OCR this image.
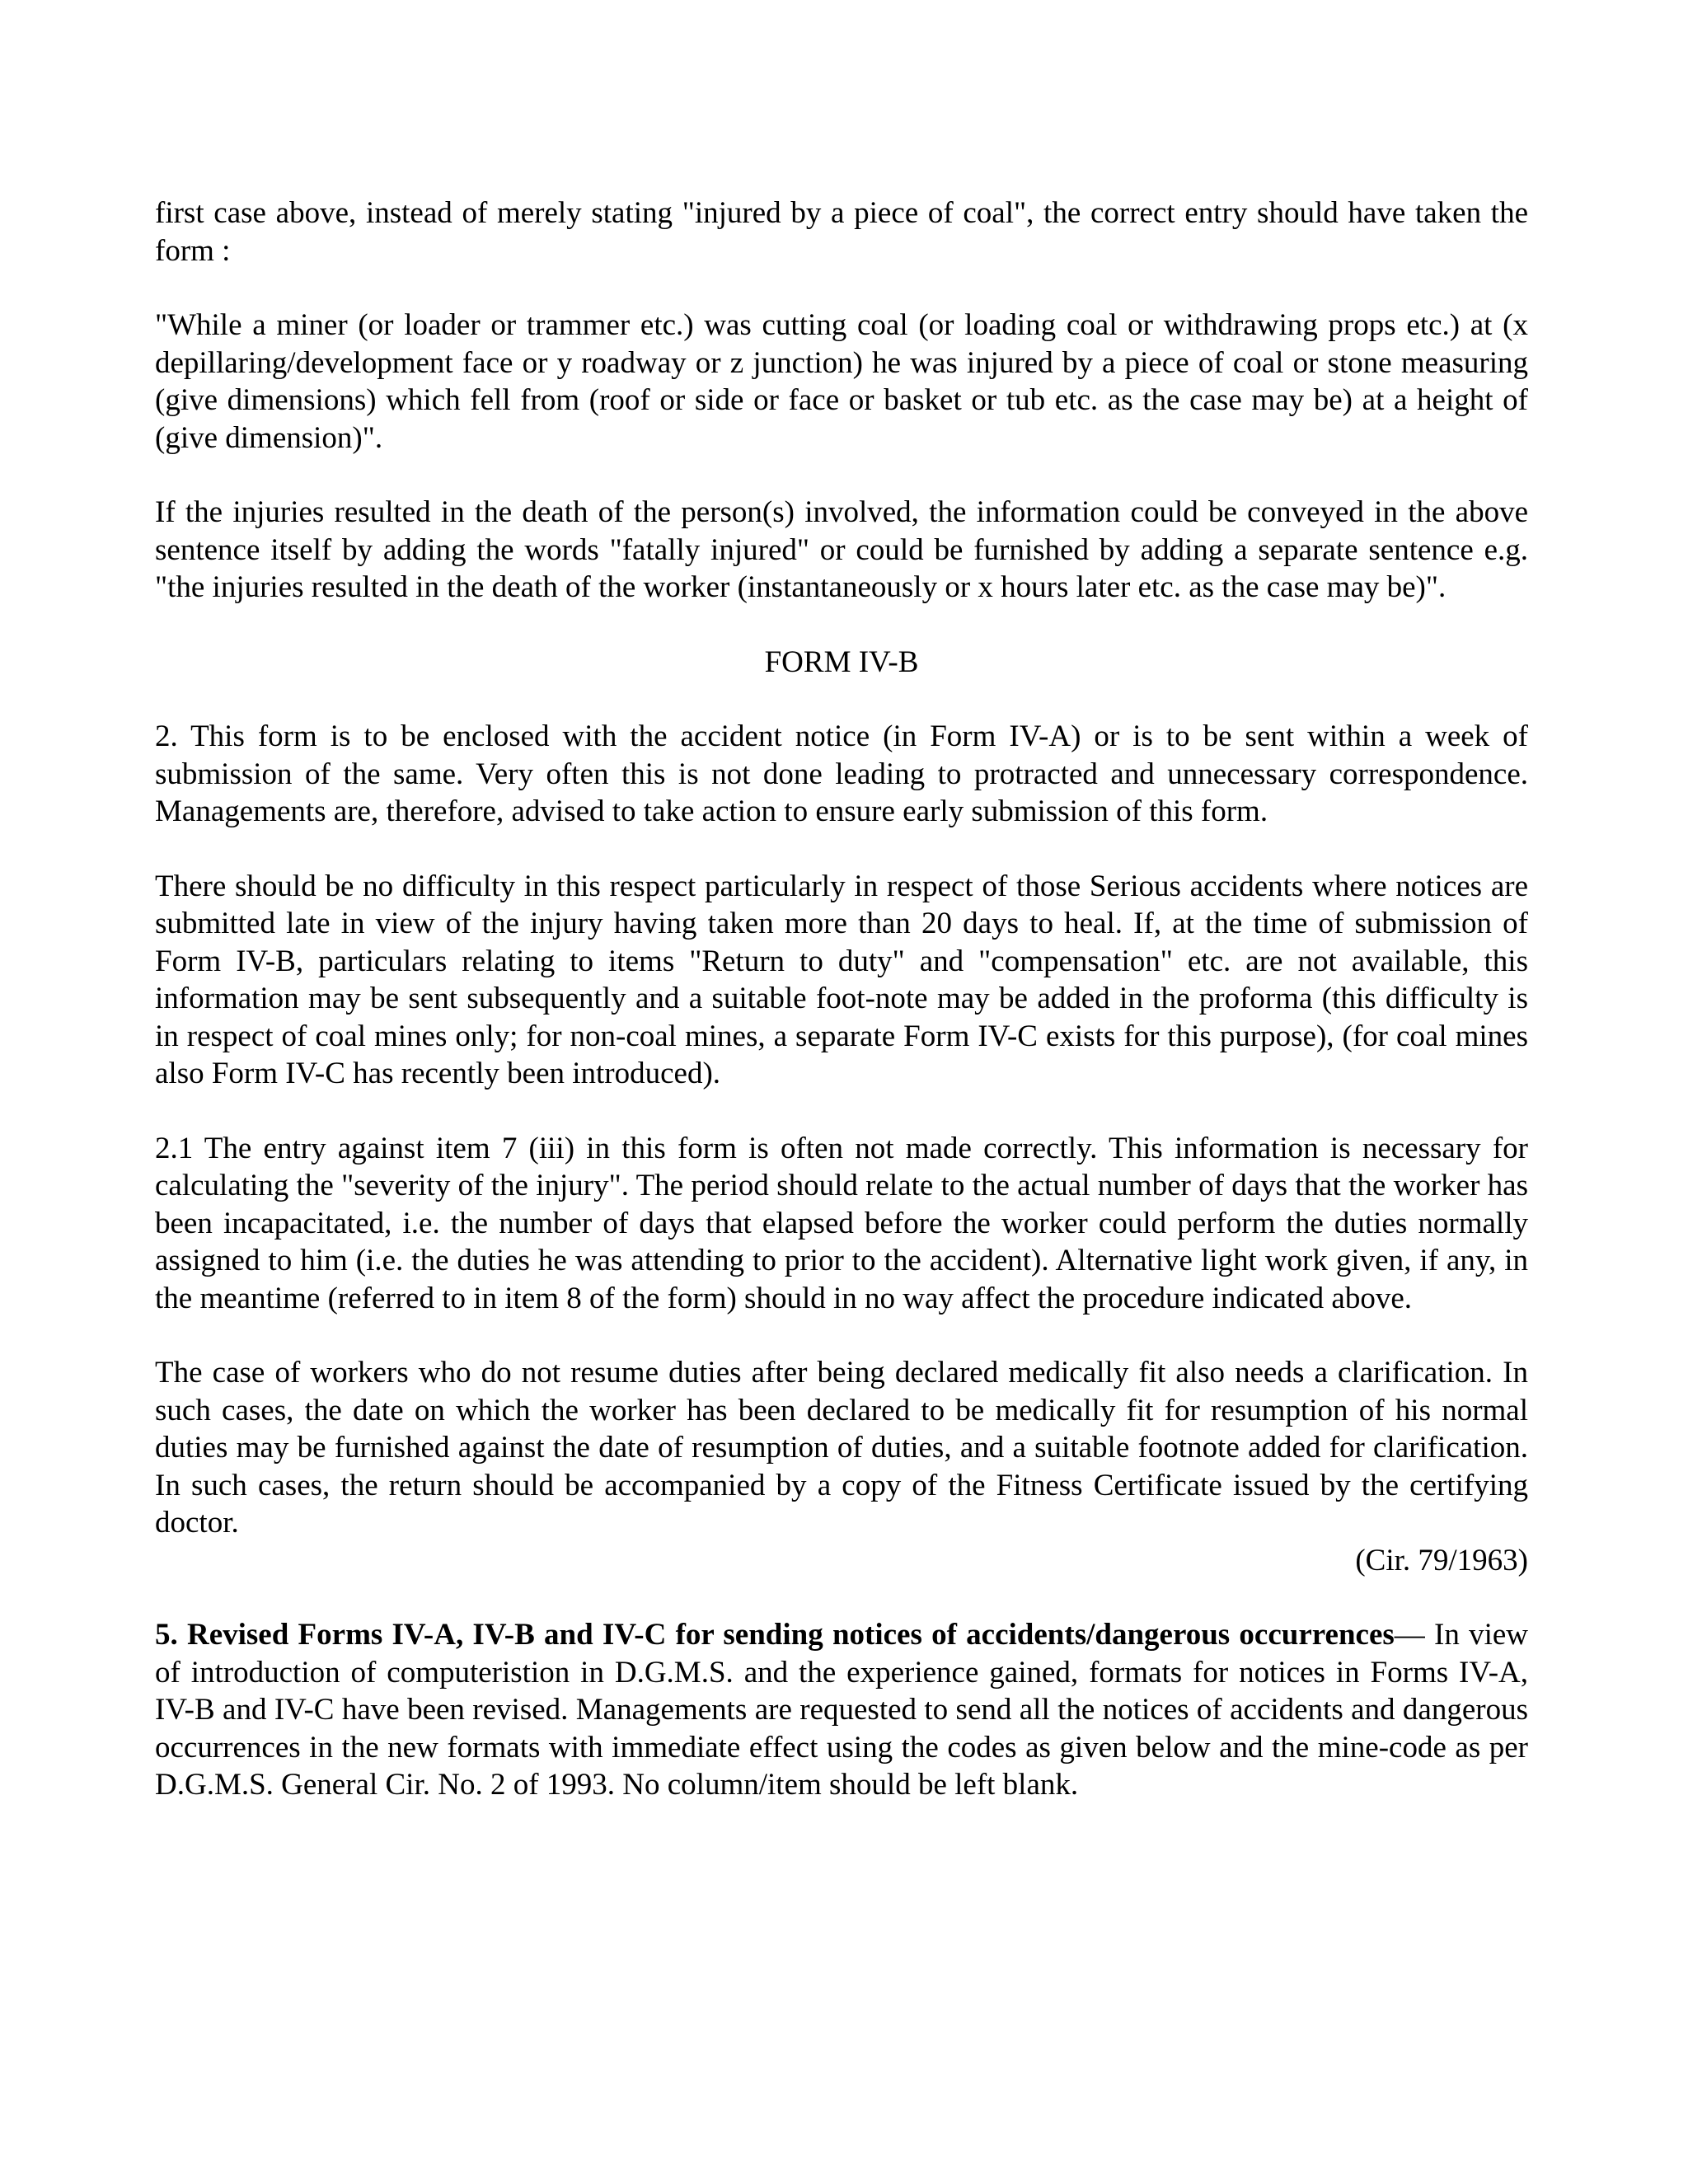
first case above, instead of merely stating "injured by a piece of coal", the correct entry should have taken the form :

"While a miner (or loader or trammer etc.) was cutting coal (or loading coal or withdrawing props etc.) at (x depillaring/development face or y roadway or z junction) he was injured by a piece of coal or stone measuring (give dimensions) which fell from (roof or side or face or basket or tub etc. as the case may be) at a height of (give dimension)".

If the injuries resulted in the death of the person(s) involved, the information could be conveyed in the above sentence itself by adding the words "fatally injured" or could be furnished by adding a separate sentence e.g. "the injuries resulted in the death of the worker (instantaneously or x hours later etc. as the case may be)".

FORM IV-B

2. This form is to be enclosed with the accident notice (in Form IV-A) or is to be sent within a week of submission of the same. Very often this is not done leading to protracted and unnecessary correspondence. Managements are, therefore, advised to take action to ensure early submission of this form.

There should be no difficulty in this respect particularly in respect of those Serious accidents where notices are submitted late in view of the injury having taken more than 20 days to heal. If, at the time of submission of Form IV-B, particulars relating to items "Return to duty" and "compensation" etc. are not available, this information may be sent subsequently and a suitable foot-note may be added in the proforma (this difficulty is in respect of coal mines only; for non-coal mines, a separate Form IV-C exists for this purpose), (for coal mines also Form IV-C has recently been introduced).

2.1 The entry against item 7 (iii) in this form is often not made correctly. This information is necessary for calculating the "severity of the injury". The period should relate to the actual number of days that the worker has been incapacitated, i.e. the number of days that elapsed before the worker could perform the duties normally assigned to him (i.e. the duties he was attending to prior to the accident). Alternative light work given, if any, in the meantime (referred to in item 8 of the form) should in no way affect the procedure indicated above.

The case of workers who do not resume duties after being declared medically fit also needs a clarification. In such cases, the date on which the worker has been declared to be medically fit for resumption of his normal duties may be furnished against the date of resumption of duties, and a suitable footnote added for clarification. In such cases, the return should be accompanied by a copy of the Fitness Certificate issued by the certifying doctor.

(Cir. 79/1963)

5. Revised Forms IV-A, IV-B and IV-C for sending notices of accidents/dangerous occurrences— In view of introduction of computeristion in D.G.M.S. and the experience gained, formats for notices in Forms IV-A, IV-B and IV-C have been revised. Managements are requested to send all the notices of accidents and dangerous occurrences in the new formats with immediate effect using the codes as given below and the mine-code as per D.G.M.S. General Cir. No. 2 of 1993. No column/item should be left blank.
